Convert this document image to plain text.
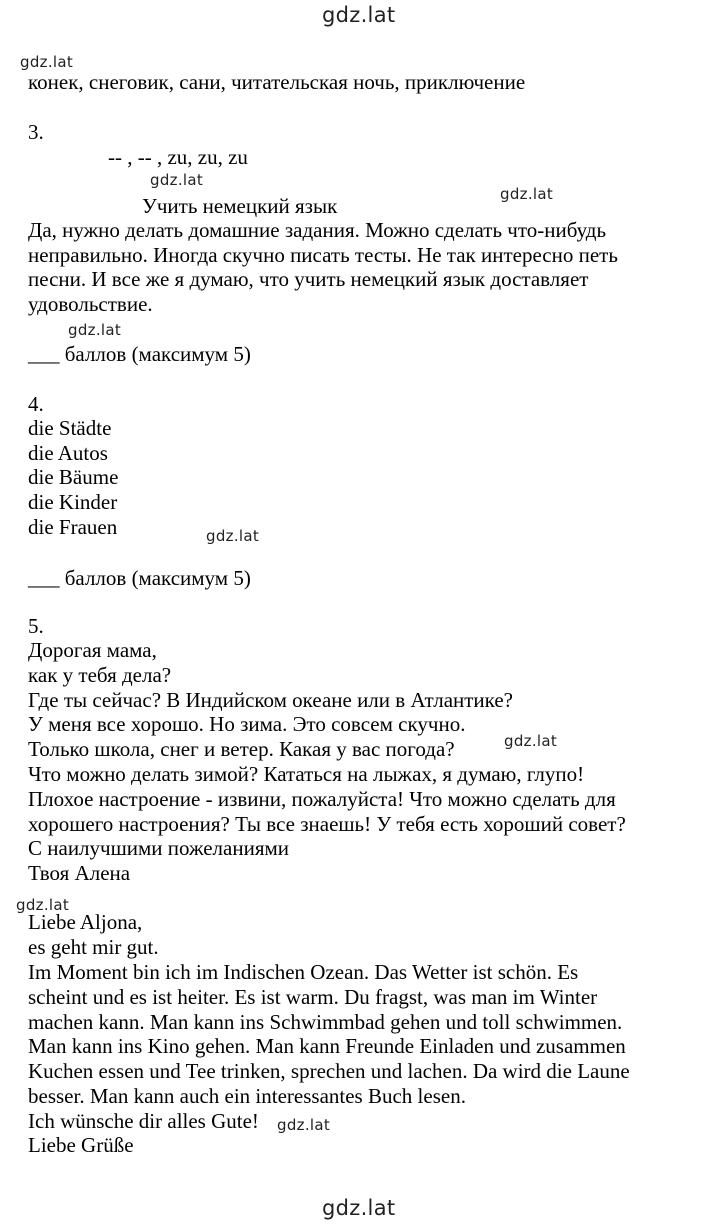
gdz.lat
gdz.lat
gdz.lat
gdz.lat
gdz.lat
gdz.lat
gdz.lat
gdz.lat
gdz.lat
gdz.lat
конек, снеговик, сани, читательская ночь, приключение
3.
-- , -- , zu, zu, zu
Учить немецкий язык
Да, нужно делать домашние задания. Можно сделать что-нибудь
неправильно. Иногда скучно писать тесты. Не так интересно петь
песни. И все же я думаю, что учить немецкий язык доставляет
удовольствие.
___ баллов (максимум 5)
4.
die Städte
die Autos
die Bäume
die Kinder
die Frauen
___ баллов (максимум 5)
5.
Дорогая мама,
как у тебя дела?
Где ты сейчас? В Индийском океане или в Атлантике?
У меня все хорошо. Но зима. Это совсем скучно.
Только школа, снег и ветер. Какая у вас погода?
Что можно делать зимой? Кататься на лыжах, я думаю, глупо!
Плохое настроение - извини, пожалуйста! Что можно сделать для
хорошего настроения? Ты все знаешь! У тебя есть хороший совет?
С наилучшими пожеланиями
Твоя Алена
Liebe Aljona,
es geht mir gut.
Im Moment bin ich im Indischen Ozean. Das Wetter ist schön. Es
scheint und es ist heiter. Es ist warm. Du fragst, was man im Winter
machen kann. Man kann ins Schwimmbad gehen und toll schwimmen.
Man kann ins Kino gehen. Man kann Freunde Einladen und zusammen
Kuchen essen und Tee trinken, sprechen und lachen. Da wird die Laune
besser. Man kann auch ein interessantes Buch lesen.
Ich wünsche dir alles Gute!
Liebe Grüße
